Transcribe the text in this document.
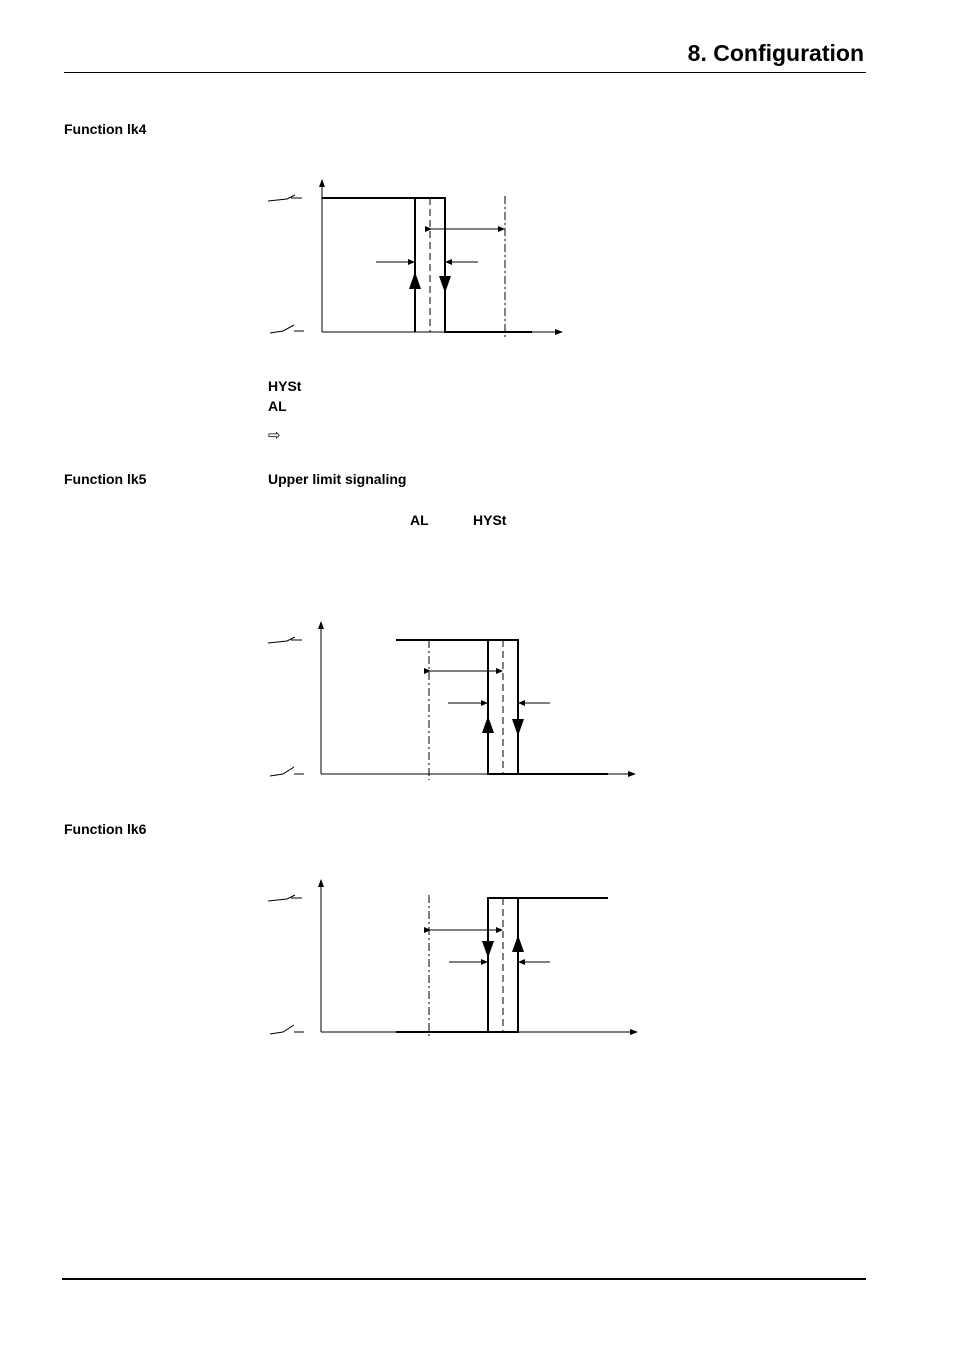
8. Configuration
Function lk4
HYSt
AL
⇨
Function lk5	Upper limit signaling
AL	HYSt
Function lk6
